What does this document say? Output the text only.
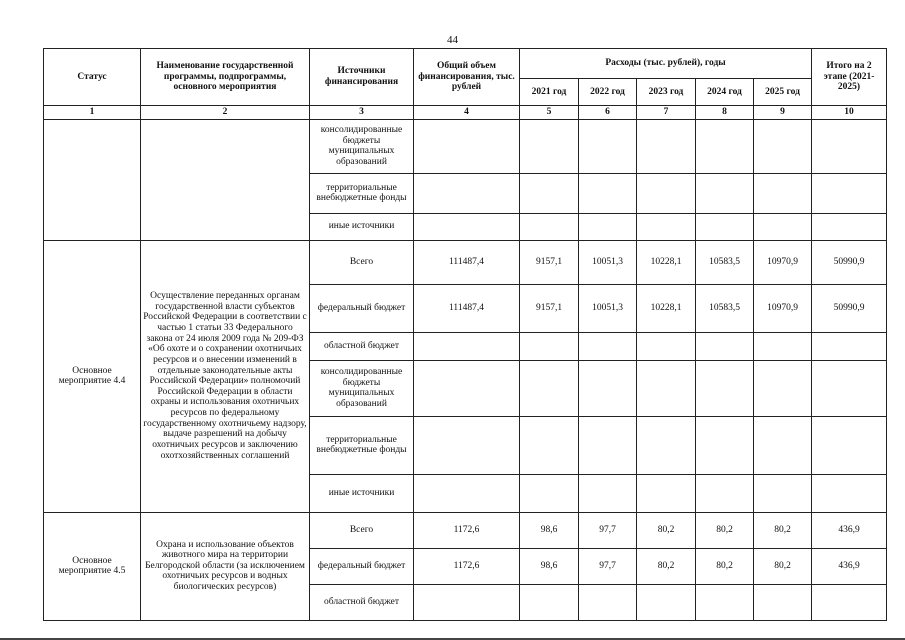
44
Статус	Наименование государственной программы, подпрограммы, основного мероприятия	Источники финансирования	Общий объем финансирования, тыс. рублей	Расходы (тыс. рублей), годы					Итого на 2 этапе (2021-2025)
				2021 год	2022 год	2023 год	2024 год	2025 год	
1	2	3	4	5	6	7	8	9	10
		консолидированные бюджеты муниципальных образований							
		территориальные внебюджетные фонды							
		иные источники							
Основное мероприятие 4.4	Осуществление переданных органам государственной власти субъектов Российской Федерации в соответствии с частью 1 статьи 33 Федерального закона от 24 июля 2009 года № 209-ФЗ «Об охоте и о сохранении охотничьих ресурсов и о внесении изменений в отдельные законодательные акты Российской Федерации» полномочий Российской Федерации в области охраны и использования охотничьих ресурсов по федеральному государственному охотничьему надзору, выдаче разрешений на добычу охотничьих ресурсов и заключению охотхозяйственных соглашений	Всего	111487,4	9157,1	10051,3	10228,1	10583,5	10970,9	50990,9
		федеральный бюджет	111487,4	9157,1	10051,3	10228,1	10583,5	10970,9	50990,9
		областной бюджет							
		консолидированные бюджеты муниципальных образований							
		территориальные внебюджетные фонды							
		иные источники							
Основное мероприятие 4.5	Охрана и использование объектов животного мира на территории Белгородской области (за исключением охотничьих ресурсов и водных биологических ресурсов)	Всего	1172,6	98,6	97,7	80,2	80,2	80,2	436,9
		федеральный бюджет	1172,6	98,6	97,7	80,2	80,2	80,2	436,9
		областной бюджет							
